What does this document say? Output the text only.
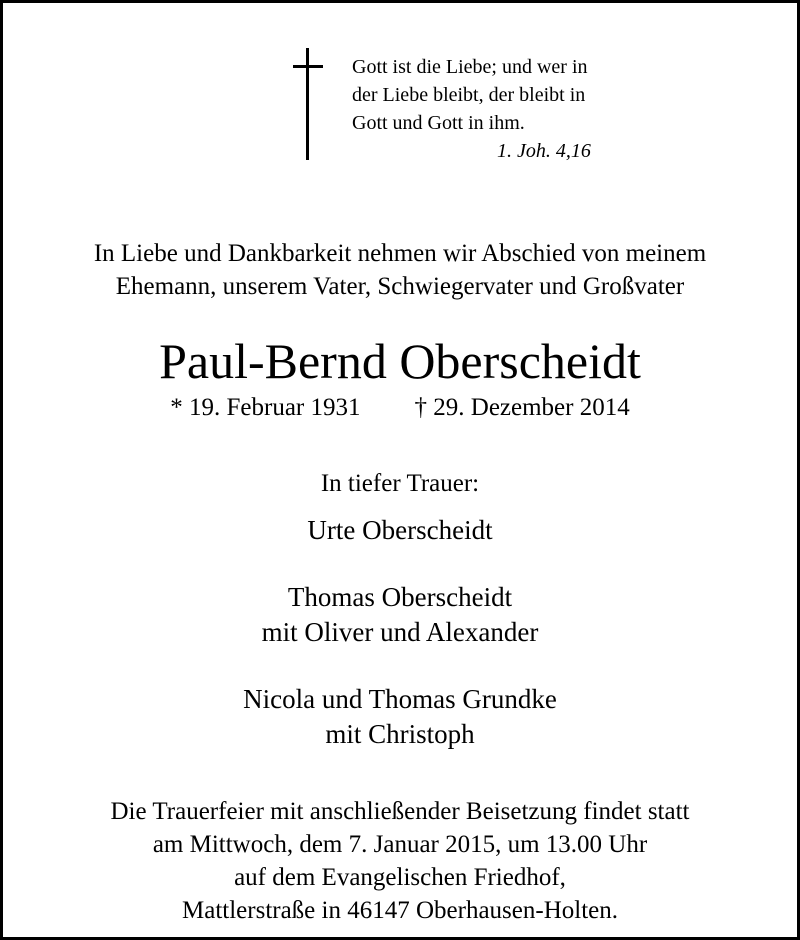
Gott ist die Liebe; und wer in
der Liebe bleibt, der bleibt in
Gott und Gott in ihm.
1. Joh. 4,16
In Liebe und Dankbarkeit nehmen wir Abschied von meinem
Ehemann, unserem Vater, Schwiegervater und Großvater
Paul-Bernd Oberscheidt
* 19. Februar 1931 † 29. Dezember 2014
In tiefer Trauer:
Urte Oberscheidt
Thomas Oberscheidt
mit Oliver und Alexander
Nicola und Thomas Grundke
mit Christoph
Die Trauerfeier mit anschließender Beisetzung findet statt
am Mittwoch, dem 7. Januar 2015, um 13.00 Uhr
auf dem Evangelischen Friedhof,
Mattlerstraße in 46147 Oberhausen-Holten.
